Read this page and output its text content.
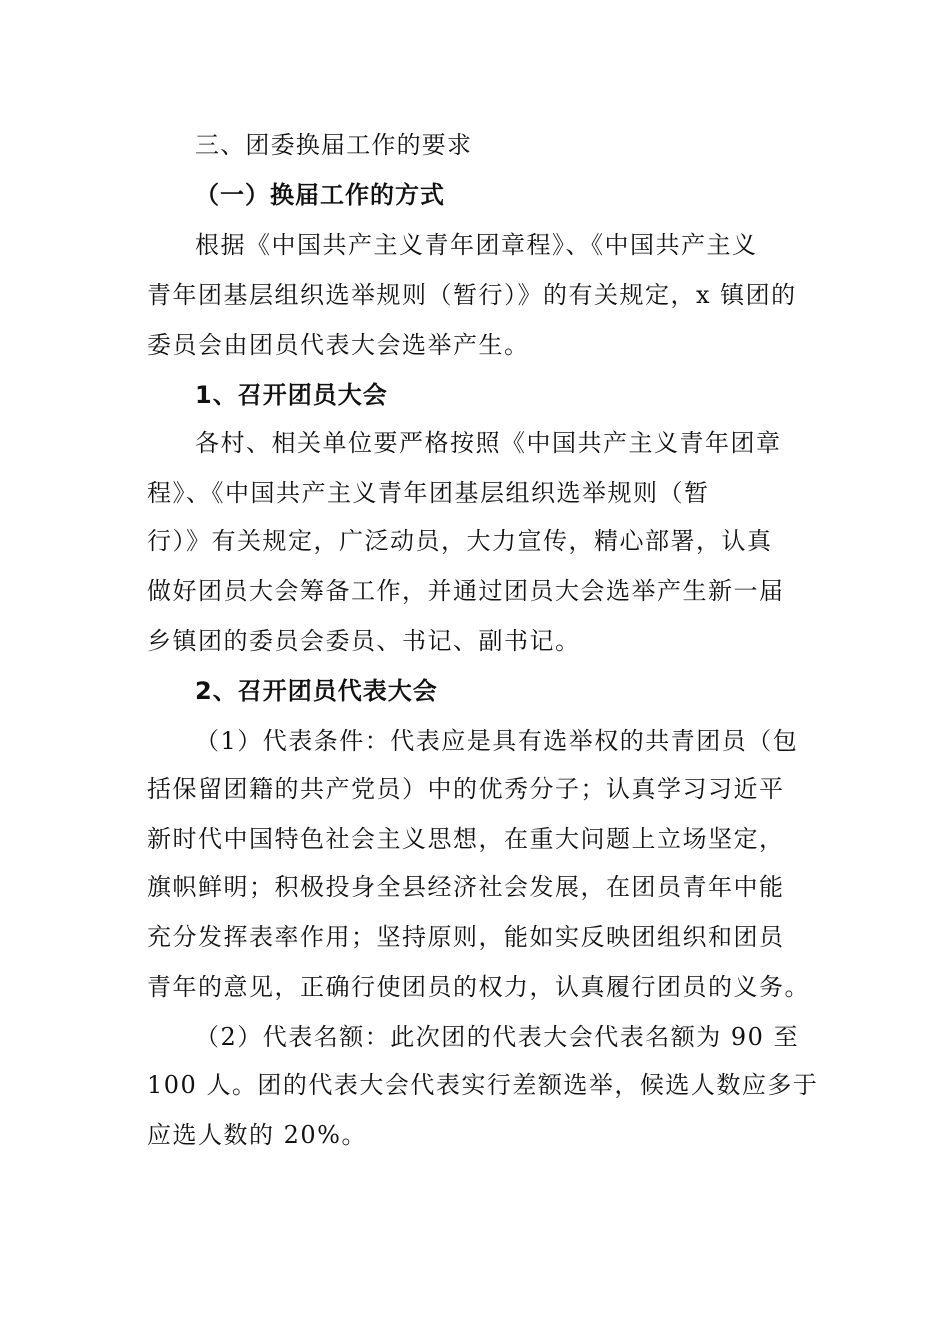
三、团委换届工作的要求
（一）换届工作的方式
根据《中国共产主义青年团章程》、《中国共产主义
青年团基层组织选举规则（暂行）》的有关规定，x 镇团的
委员会由团员代表大会选举产生。
1、召开团员大会
各村、相关单位要严格按照《中国共产主义青年团章
程》、《中国共产主义青年团基层组织选举规则（暂
行）》有关规定，广泛动员，大力宣传，精心部署，认真
做好团员大会筹备工作，并通过团员大会选举产生新一届
乡镇团的委员会委员、书记、副书记。
2、召开团员代表大会
（1）代表条件：代表应是具有选举权的共青团员（包
括保留团籍的共产党员）中的优秀分子；认真学习习近平
新时代中国特色社会主义思想，在重大问题上立场坚定，
旗帜鲜明；积极投身全县经济社会发展，在团员青年中能
充分发挥表率作用；坚持原则，能如实反映团组织和团员
青年的意见，正确行使团员的权力，认真履行团员的义务。
（2）代表名额：此次团的代表大会代表名额为 90 至
100 人。团的代表大会代表实行差额选举，候选人数应多于
应选人数的 20%。
